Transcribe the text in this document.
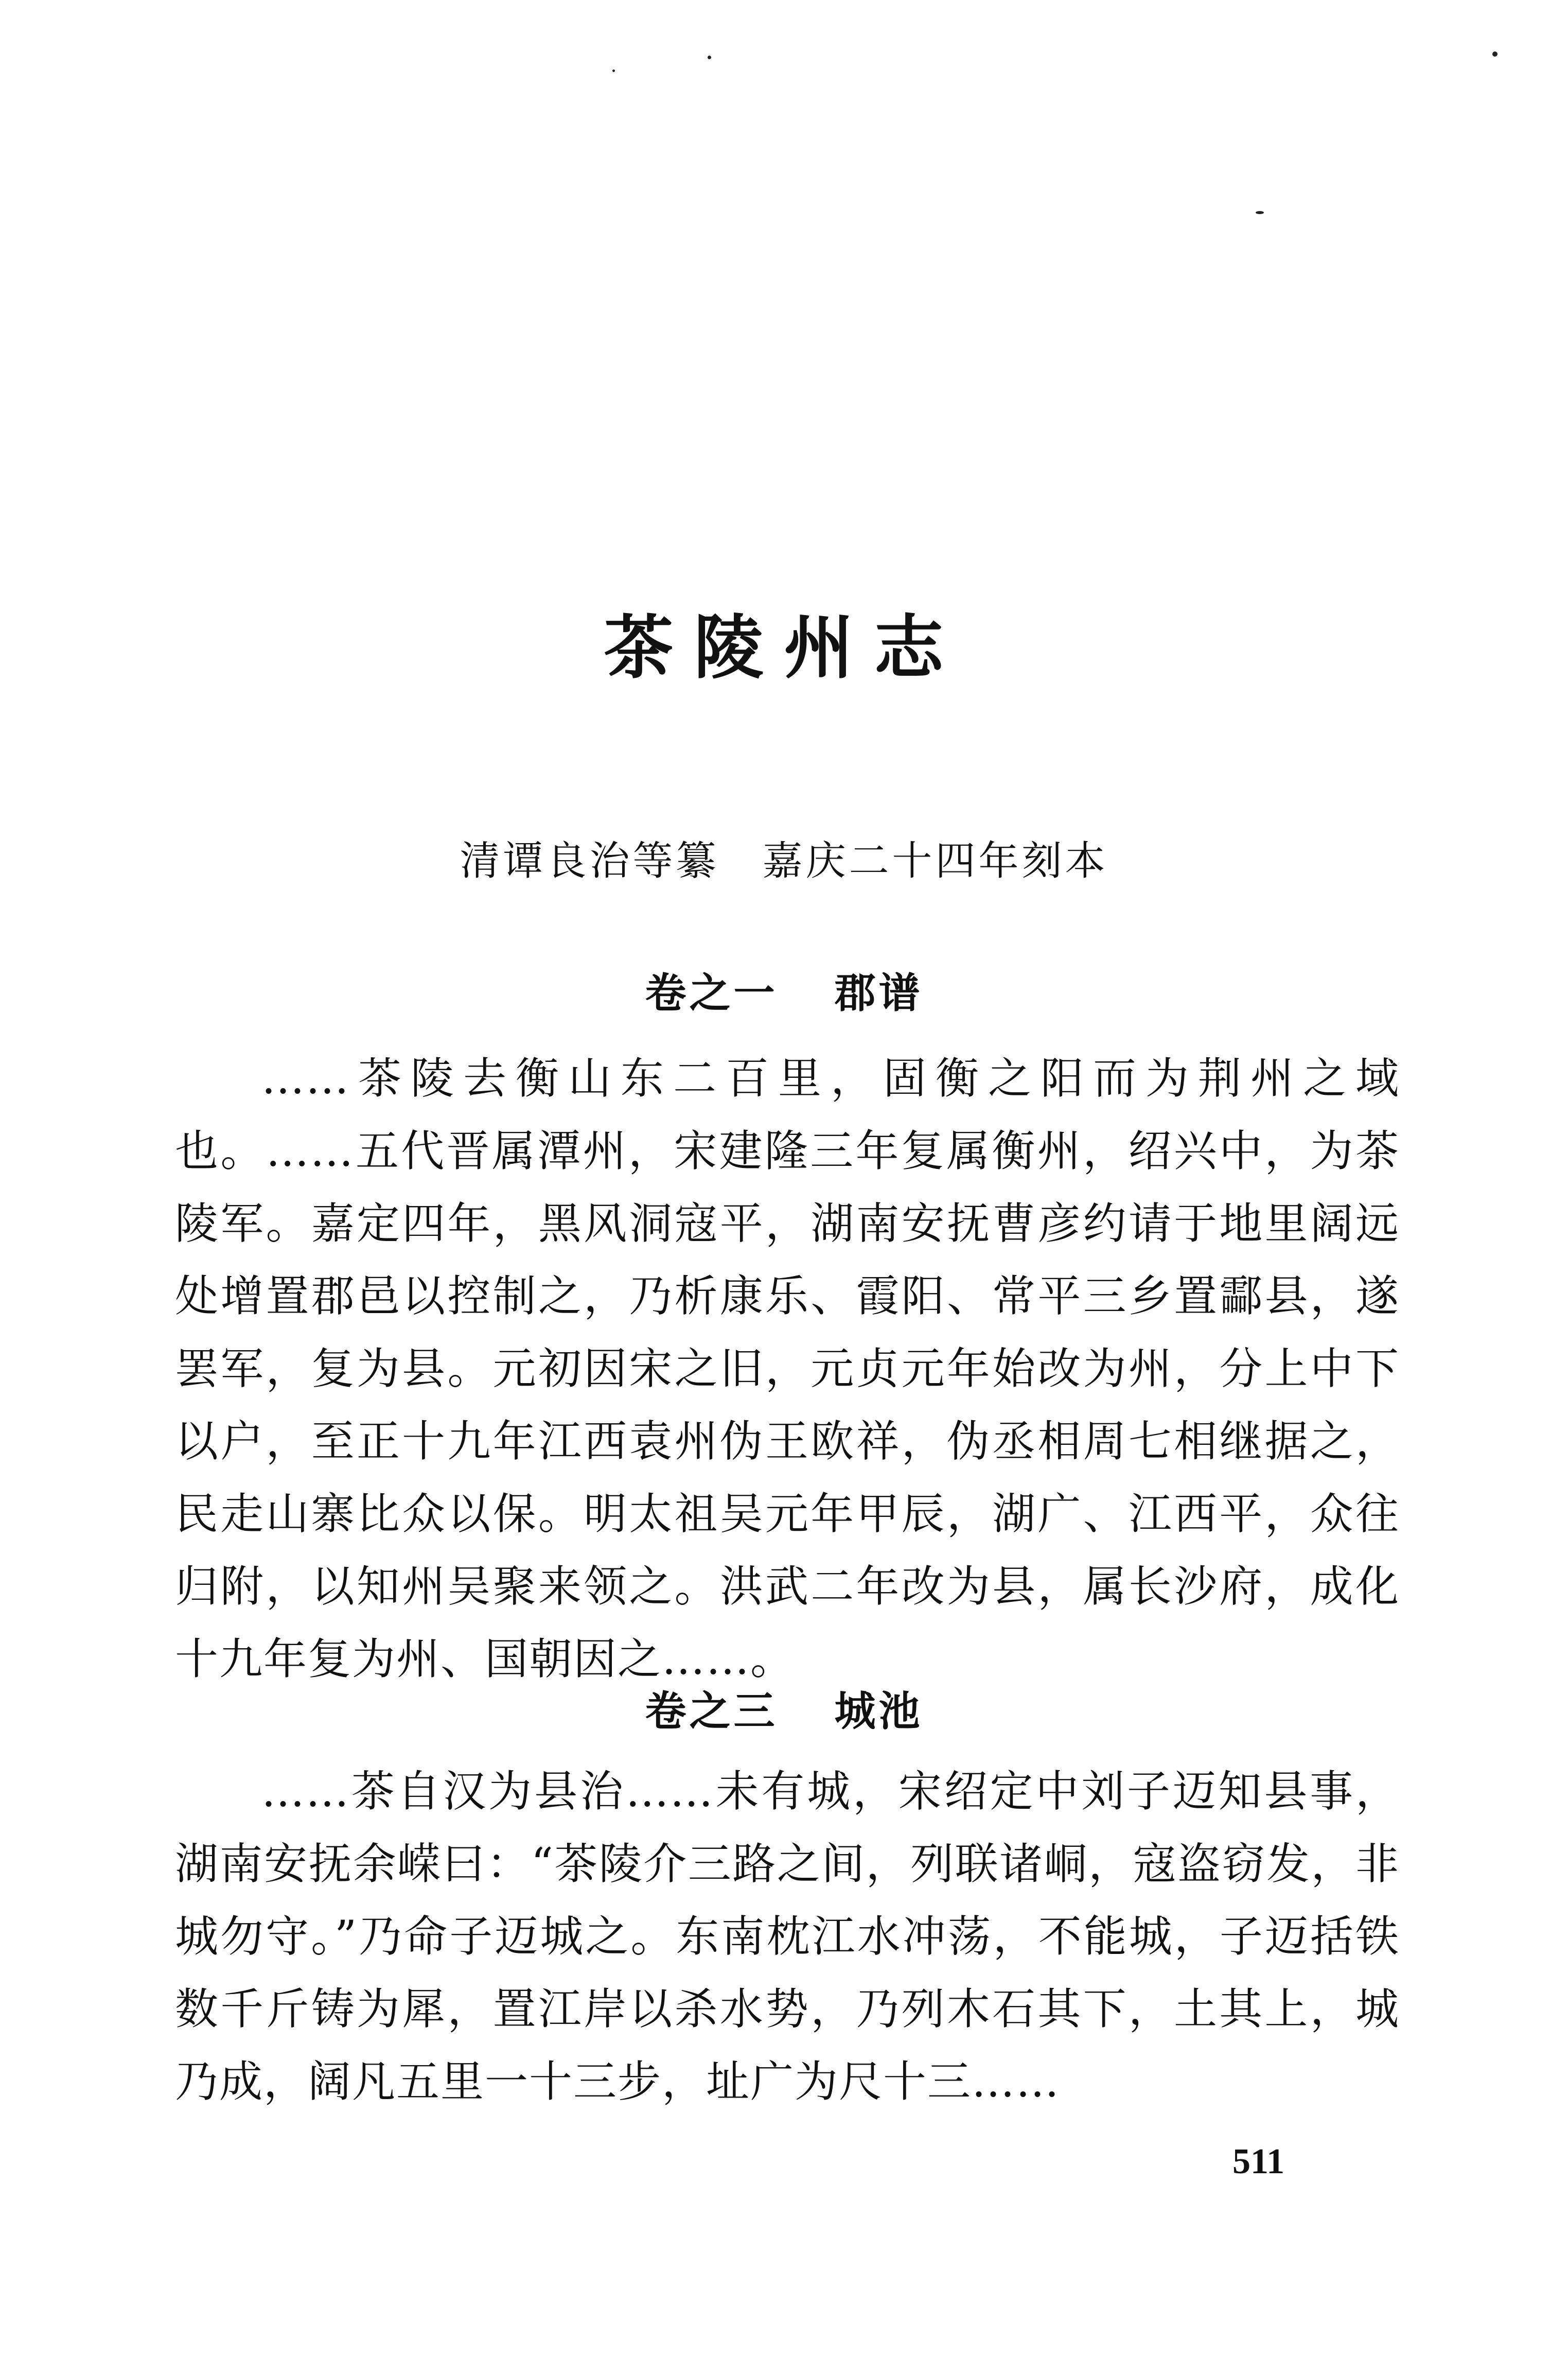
茶陵州志
清谭良治等纂　嘉庆二十四年刻本
卷之一 郡谱
……茶陵去衡山东二百里，固衡之阳而为荆州之域也。……五代晋属潭州，宋建隆三年复属衡州，绍兴中，为茶陵军。嘉定四年，黑风洞寇平，湖南安抚曹彦约请于地里阔远处增置郡邑以控制之，乃析康乐、霞阳、常平三乡置酃县，遂罢军，复为县。元初因宋之旧，元贞元年始改为州，分上中下以户，至正十九年江西袁州伪王欧祥，伪丞相周七相继据之，民走山寨比众以保。明太祖吴元年甲辰，湖广、江西平，众往归附，以知州吴聚来领之。洪武二年改为县，属长沙府，成化十九年复为州、国朝因之……。
卷之三 城池
……茶自汉为县治……未有城，宋绍定中刘子迈知县事，湖南安抚余嵘曰：“茶陵介三路之间，列联诸峒，寇盗窃发，非城勿守。”乃命子迈城之。东南枕江水冲荡，不能城，子迈括铁数千斤铸为犀，置江岸以杀水势，乃列木石其下，土其上，城乃成，阔凡五里一十三步，址广为尺十三……
511
